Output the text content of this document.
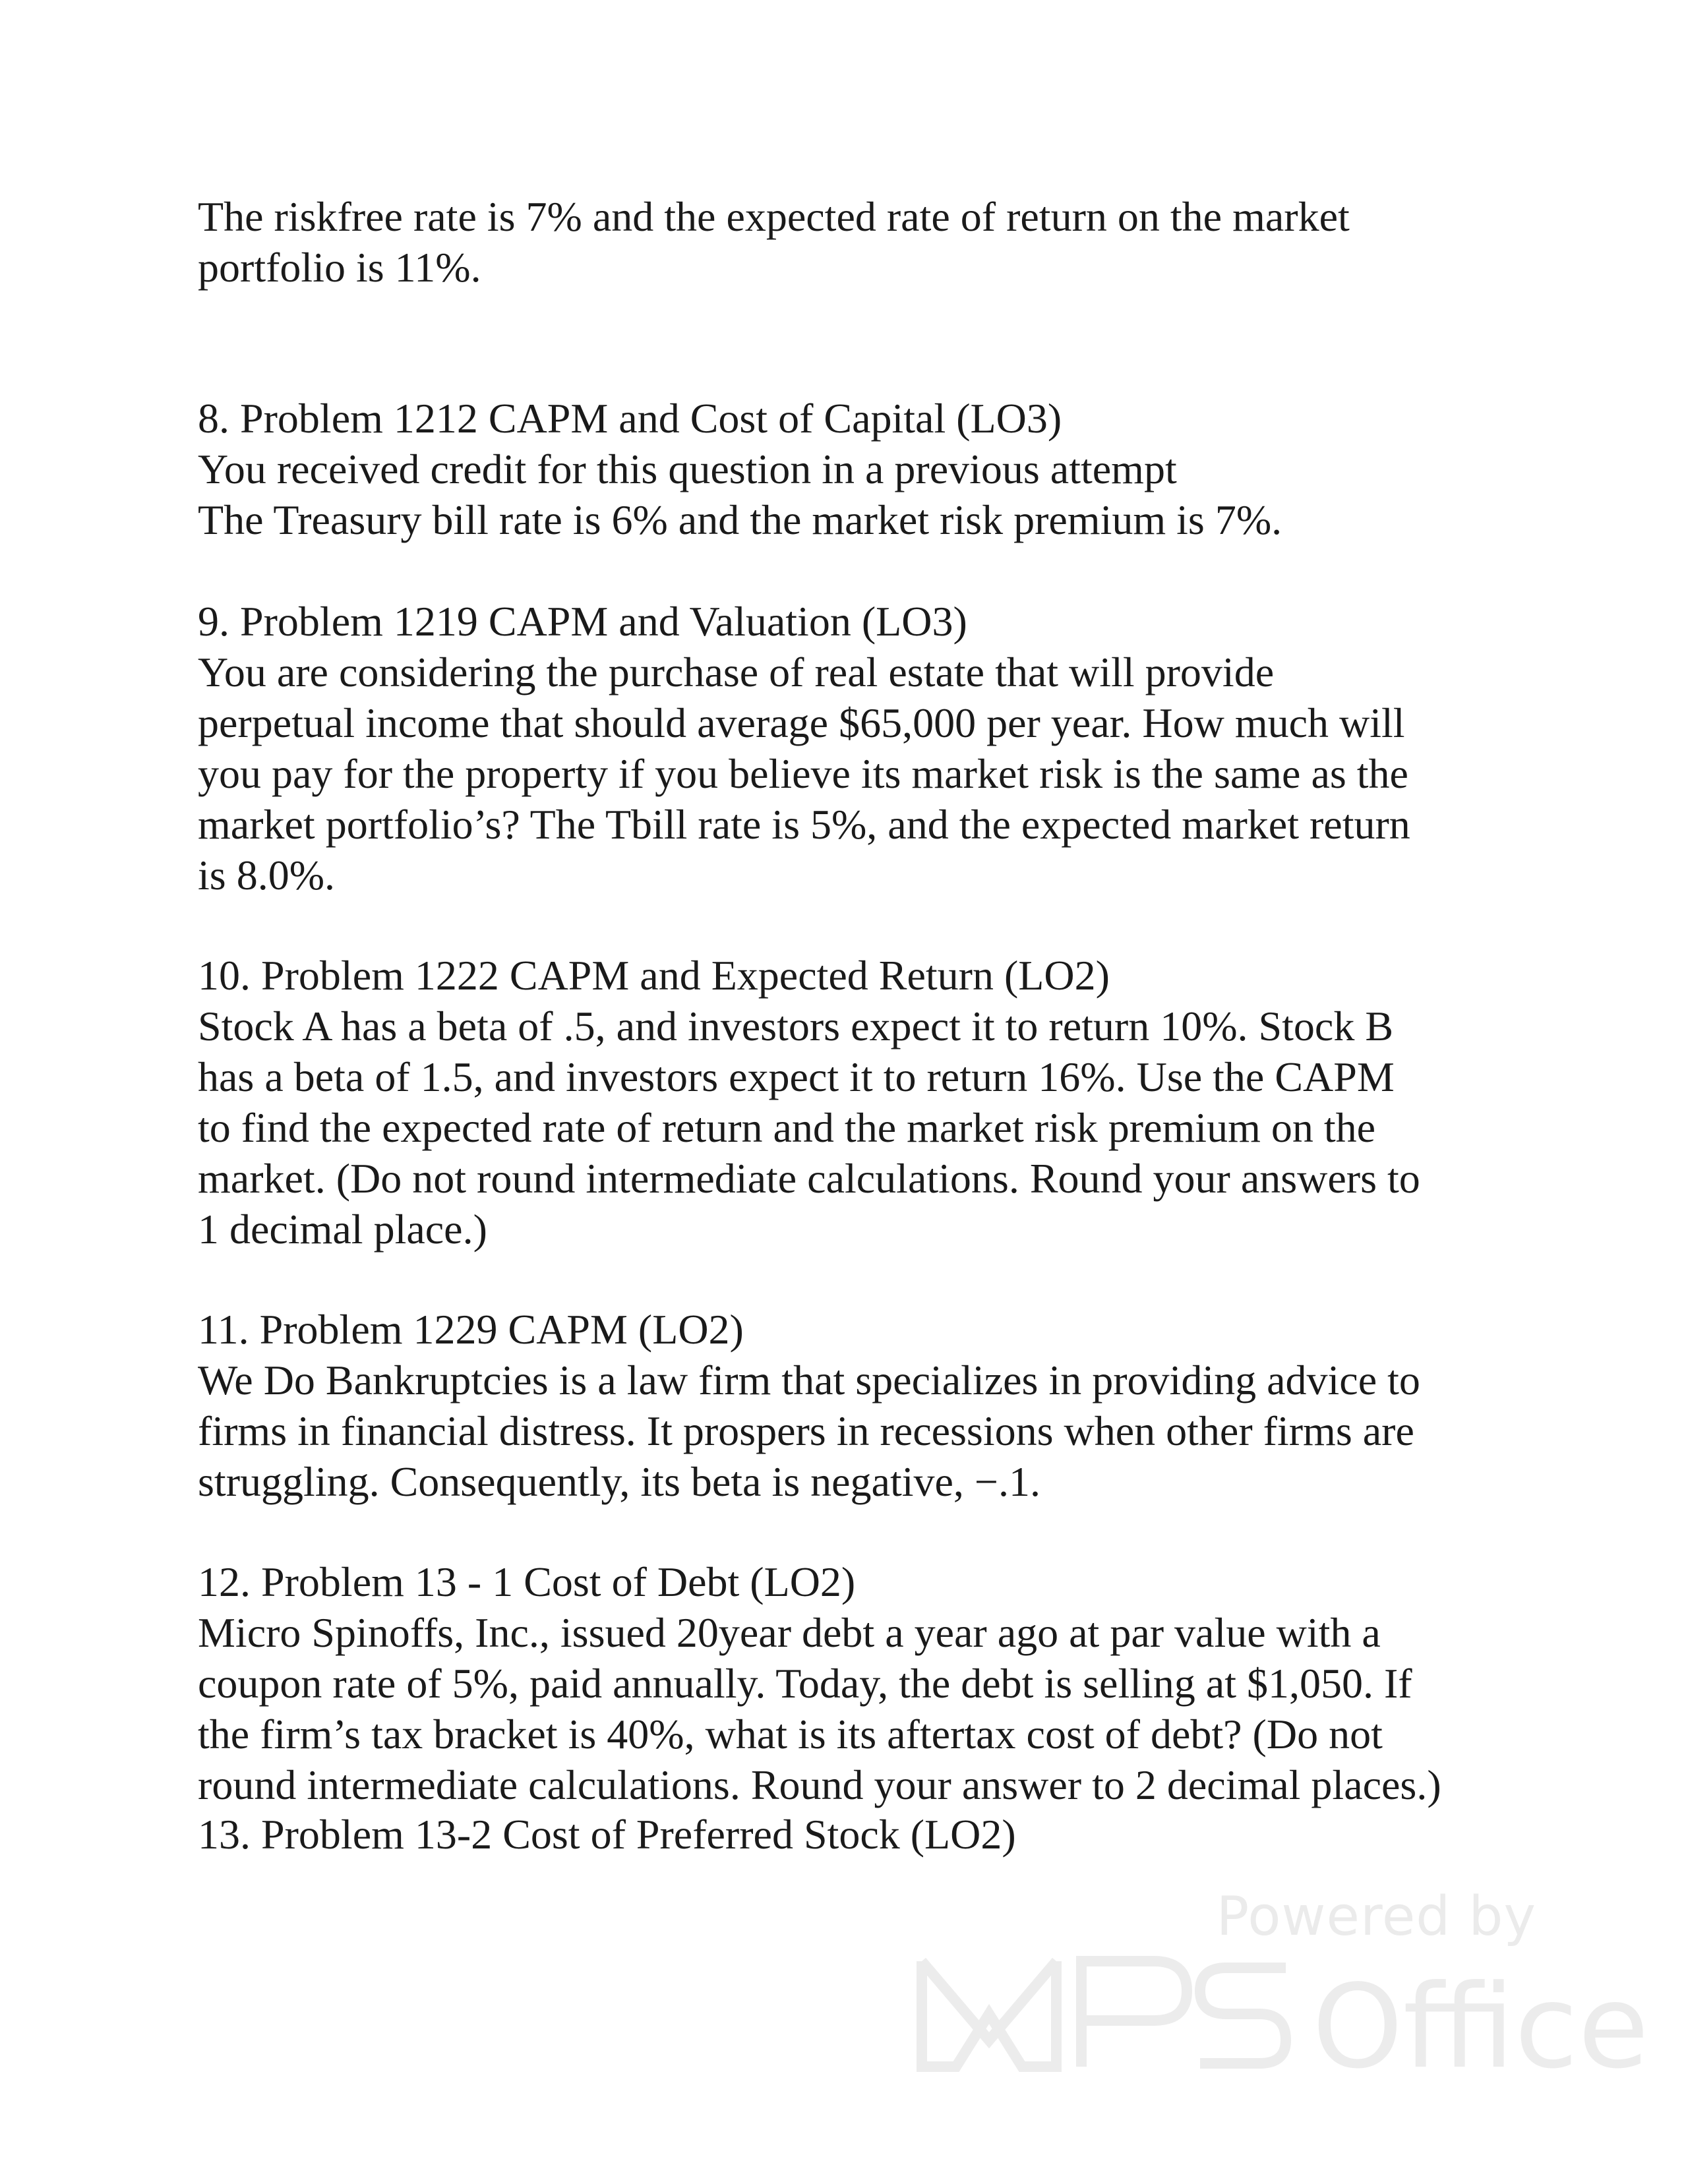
The riskfree rate is 7% and the expected rate of return on the market
portfolio is 11%.
8. Problem 1212 CAPM and Cost of Capital (LO3)
You received credit for this question in a previous attempt
The Treasury bill rate is 6% and the market risk premium is 7%.
9. Problem 1219 CAPM and Valuation (LO3)
You are considering the purchase of real estate that will provide
perpetual income that should average $65,000 per year. How much will
you pay for the property if you believe its market risk is the same as the
market portfolio’s? The Tbill rate is 5%, and the expected market return
is 8.0%.
10. Problem 1222 CAPM and Expected Return (LO2)
Stock A has a beta of .5, and investors expect it to return 10%. Stock B
has a beta of 1.5, and investors expect it to return 16%. Use the CAPM
to find the expected rate of return and the market risk premium on the
market. (Do not round intermediate calculations. Round your answers to
1 decimal place.)
11. Problem 1229 CAPM (LO2)
We Do Bankruptcies is a law firm that specializes in providing advice to
firms in financial distress. It prospers in recessions when other firms are
struggling. Consequently, its beta is negative, −.1.
12. Problem 13 - 1 Cost of Debt (LO2)
Micro Spinoffs, Inc., issued 20year debt a year ago at par value with a
coupon rate of 5%, paid annually. Today, the debt is selling at $1,050. If
the firm’s tax bracket is 40%, what is its aftertax cost of debt? (Do not
round intermediate calculations. Round your answer to 2 decimal places.)
13. Problem 13-2 Cost of Preferred Stock (LO2)
Powered by
Office
